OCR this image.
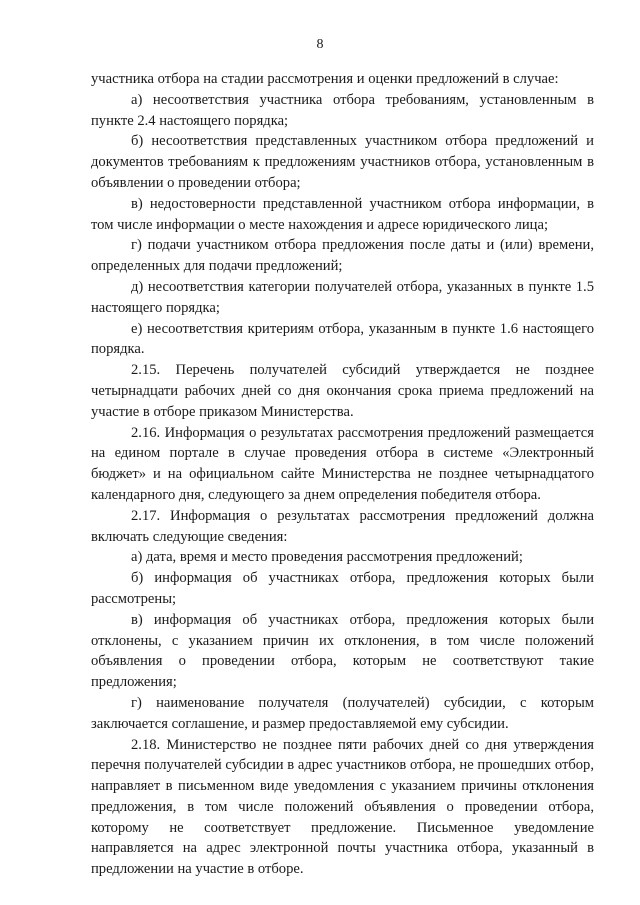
8

участника отбора на стадии рассмотрения и оценки предложений в случае:

а) несоответствия участника отбора требованиям, установленным в пункте 2.4 настоящего порядка;

б) несоответствия представленных участником отбора предложений и документов требованиям к предложениям участников отбора, установленным в объявлении о проведении отбора;

в) недостоверности представленной участником отбора информации, в том числе информации о месте нахождения и адресе юридического лица;

г) подачи участником отбора предложения после даты и (или) времени, определенных для подачи предложений;

д) несоответствия категории получателей отбора, указанных в пункте 1.5 настоящего порядка;

е) несоответствия критериям отбора, указанным в пункте 1.6 настоящего порядка.

2.15. Перечень получателей субсидий утверждается не позднее четырнадцати рабочих дней со дня окончания срока приема предложений на участие в отборе приказом Министерства.

2.16. Информация о результатах рассмотрения предложений размещается на едином портале в случае проведения отбора в системе «Электронный бюджет» и на официальном сайте Министерства не позднее четырнадцатого календарного дня, следующего за днем определения победителя отбора.

2.17. Информация о результатах рассмотрения предложений должна включать следующие сведения:

а) дата, время и место проведения рассмотрения предложений;

б) информация об участниках отбора, предложения которых были рассмотрены;

в) информация об участниках отбора, предложения которых были отклонены, с указанием причин их отклонения, в том числе положений объявления о проведении отбора, которым не соответствуют такие предложения;

г) наименование получателя (получателей) субсидии, с которым заключается соглашение, и размер предоставляемой ему субсидии.

2.18. Министерство не позднее пяти рабочих дней со дня утверждения перечня получателей субсидии в адрес участников отбора, не прошедших отбор, направляет в письменном виде уведомления с указанием причины отклонения предложения, в том числе положений объявления о проведении отбора, которому не соответствует предложение. Письменное уведомление направляется на адрес электронной почты участника отбора, указанный в предложении на участие в отборе.
